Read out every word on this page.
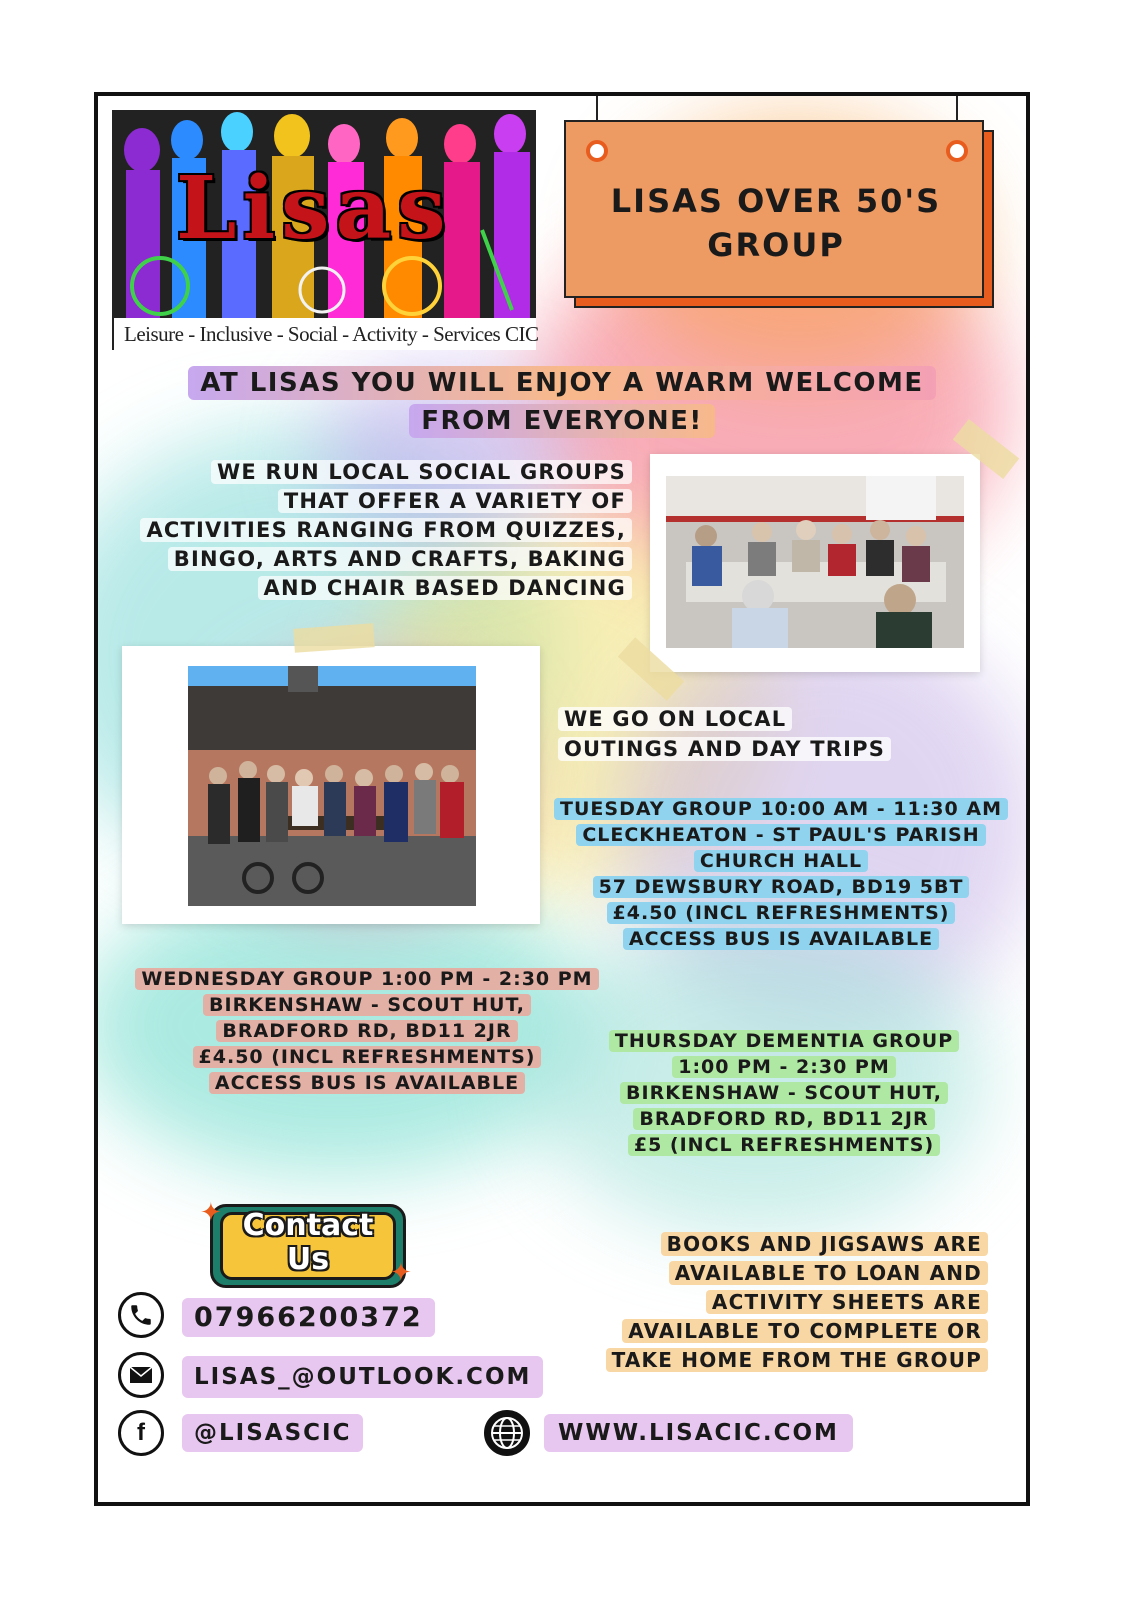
Lisas
Leisure - Inclusive - Social - Activity - Services CIC
LISAS OVER 50'S
GROUP
AT LISAS YOU WILL ENJOY A WARM WELCOME
FROM EVERYONE!
WE RUN LOCAL SOCIAL GROUPS
THAT OFFER A VARIETY OF
ACTIVITIES RANGING FROM QUIZZES,
BINGO, ARTS AND CRAFTS, BAKING
AND CHAIR BASED DANCING
WE GO ON LOCAL
OUTINGS AND DAY TRIPS
TUESDAY GROUP 10:00 AM - 11:30 AM
CLECKHEATON - ST PAUL'S PARISH
CHURCH HALL
57 DEWSBURY ROAD, BD19 5BT
£4.50 (INCL REFRESHMENTS)
ACCESS BUS IS AVAILABLE
WEDNESDAY GROUP 1:00 PM - 2:30 PM
BIRKENSHAW - SCOUT HUT,
BRADFORD RD, BD11 2JR
£4.50 (INCL REFRESHMENTS)
ACCESS BUS IS AVAILABLE
THURSDAY DEMENTIA GROUP
1:00 PM - 2:30 PM
BIRKENSHAW - SCOUT HUT,
BRADFORD RD, BD11 2JR
£5 (INCL REFRESHMENTS)
Contact
Us
✦
✦
07966200372
LISAS_@OUTLOOK.COM
f	@LISASCIC	WWW.LISACIC.COM
BOOKS AND JIGSAWS ARE
AVAILABLE TO LOAN AND
ACTIVITY SHEETS ARE
AVAILABLE TO COMPLETE OR
TAKE HOME FROM THE GROUP
